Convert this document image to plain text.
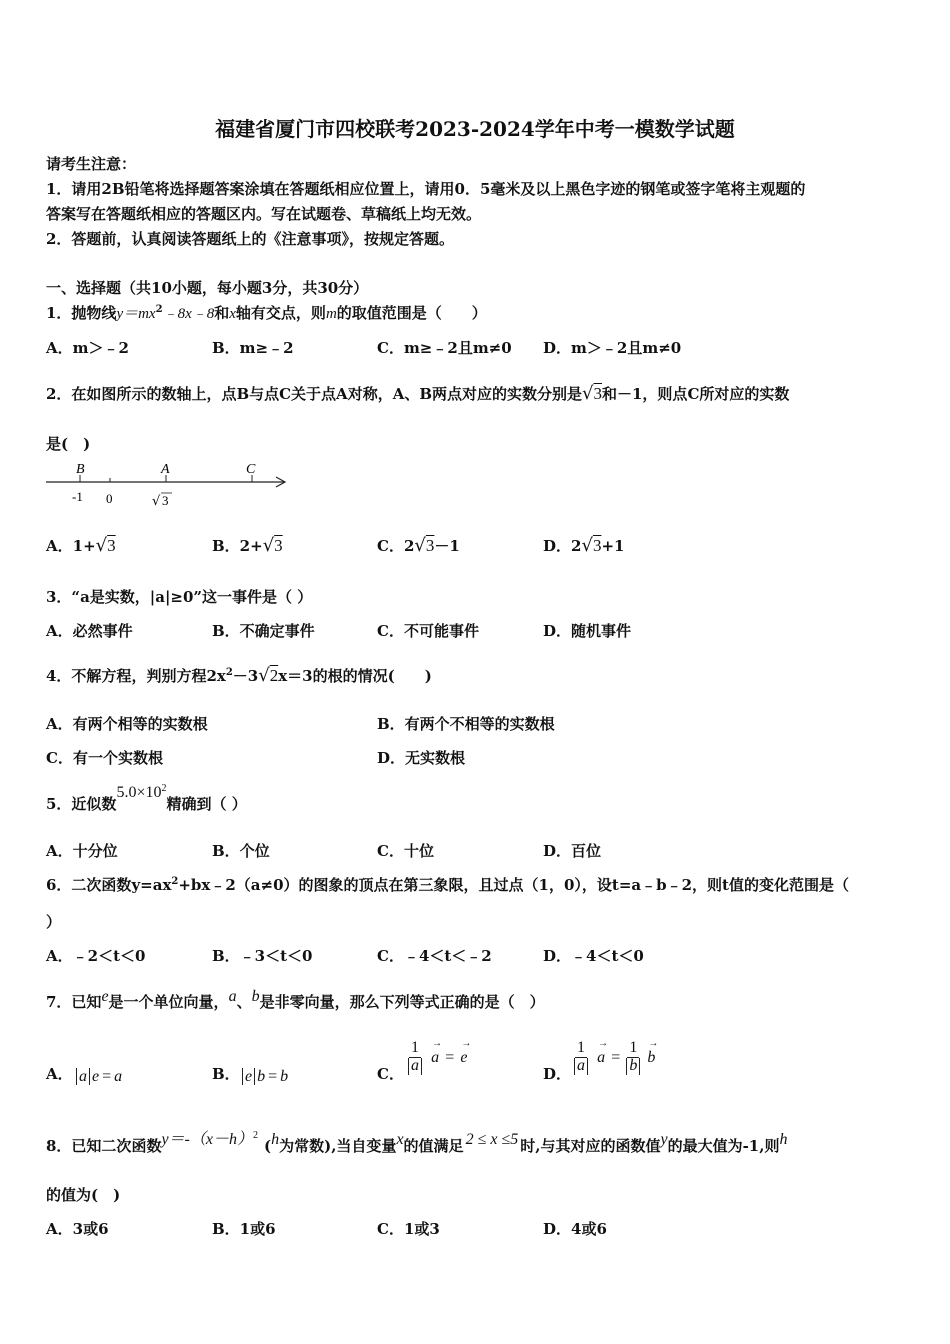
福建省厦门市四校联考2023-2024学年中考一模数学试题
请考生注意：
1．请用2B铅笔将选择题答案涂填在答题纸相应位置上，请用0．5毫米及以上黑色字迹的钢笔或签字笔将主观题的
答案写在答题纸相应的答题区内。写在试题卷、草稿纸上均无效。
2．答题前，认真阅读答题纸上的《注意事项》，按规定答题。
一、选择题（共10小题，每小题3分，共30分）
1．抛物线$y=mx^2﹣8x﹣8$和x轴有交点，则m的取值范围是（　　）
A．m＞﹣2	B．m≥﹣2	C．m≥﹣2且m≠0 D．m＞﹣2且m≠0
2．在如图所示的数轴上，点B与点C关于点A对称，A、B两点对应的实数分别是√3和－1，则点C所对应的实数
是(　)
B	A	C
-1 0	√ 3
A．1+√3	B．2+√3	C．2√3－1	D．2√3+1
3．“a是实数，|a|≥0”这一事件是（ ）
A．必然事件	B．不确定事件	C．不可能事件	D．随机事件
4．不解方程，判别方程$2x^2-3√2x=3$的根的情况(　　)
A．有两个相等的实数根	B．有两个不相等的实数根
C．有一个实数根	D．无实数根
5．近似数$5.0\times 10^2$精确到（ ）
A．十分位	B．个位	C．十位	D．百位
6．二次函数$y=ax^2+bx﹣2(a\ne 0)$的图象的顶点在第三象限，且过点（1，0），设t=a﹣b﹣2，则t值的变化范围是（
）
A．﹣2＜t＜0	B．﹣3＜t＜0	C．﹣4＜t＜﹣2	D．﹣4＜t＜0
7．已知e是一个单位向量，a、b是非零向量，那么下列等式正确的是（　）
A． a e = a	B． e b = b	C． $\frac{1}{a}$
→
a =
→
e
D． $\frac{1}{a}$
→
$a = \frac{1}{b}$
→
b
8．已知二次函数$y=-(x-h)^2(h$为常数),当自变量x的值满足 2 ≤ x ≤5 时,与其对应的函数值y的最大值为-1,则h
的值为(　)
A．3或6	B．1或6	C．1或3	D．4或6
